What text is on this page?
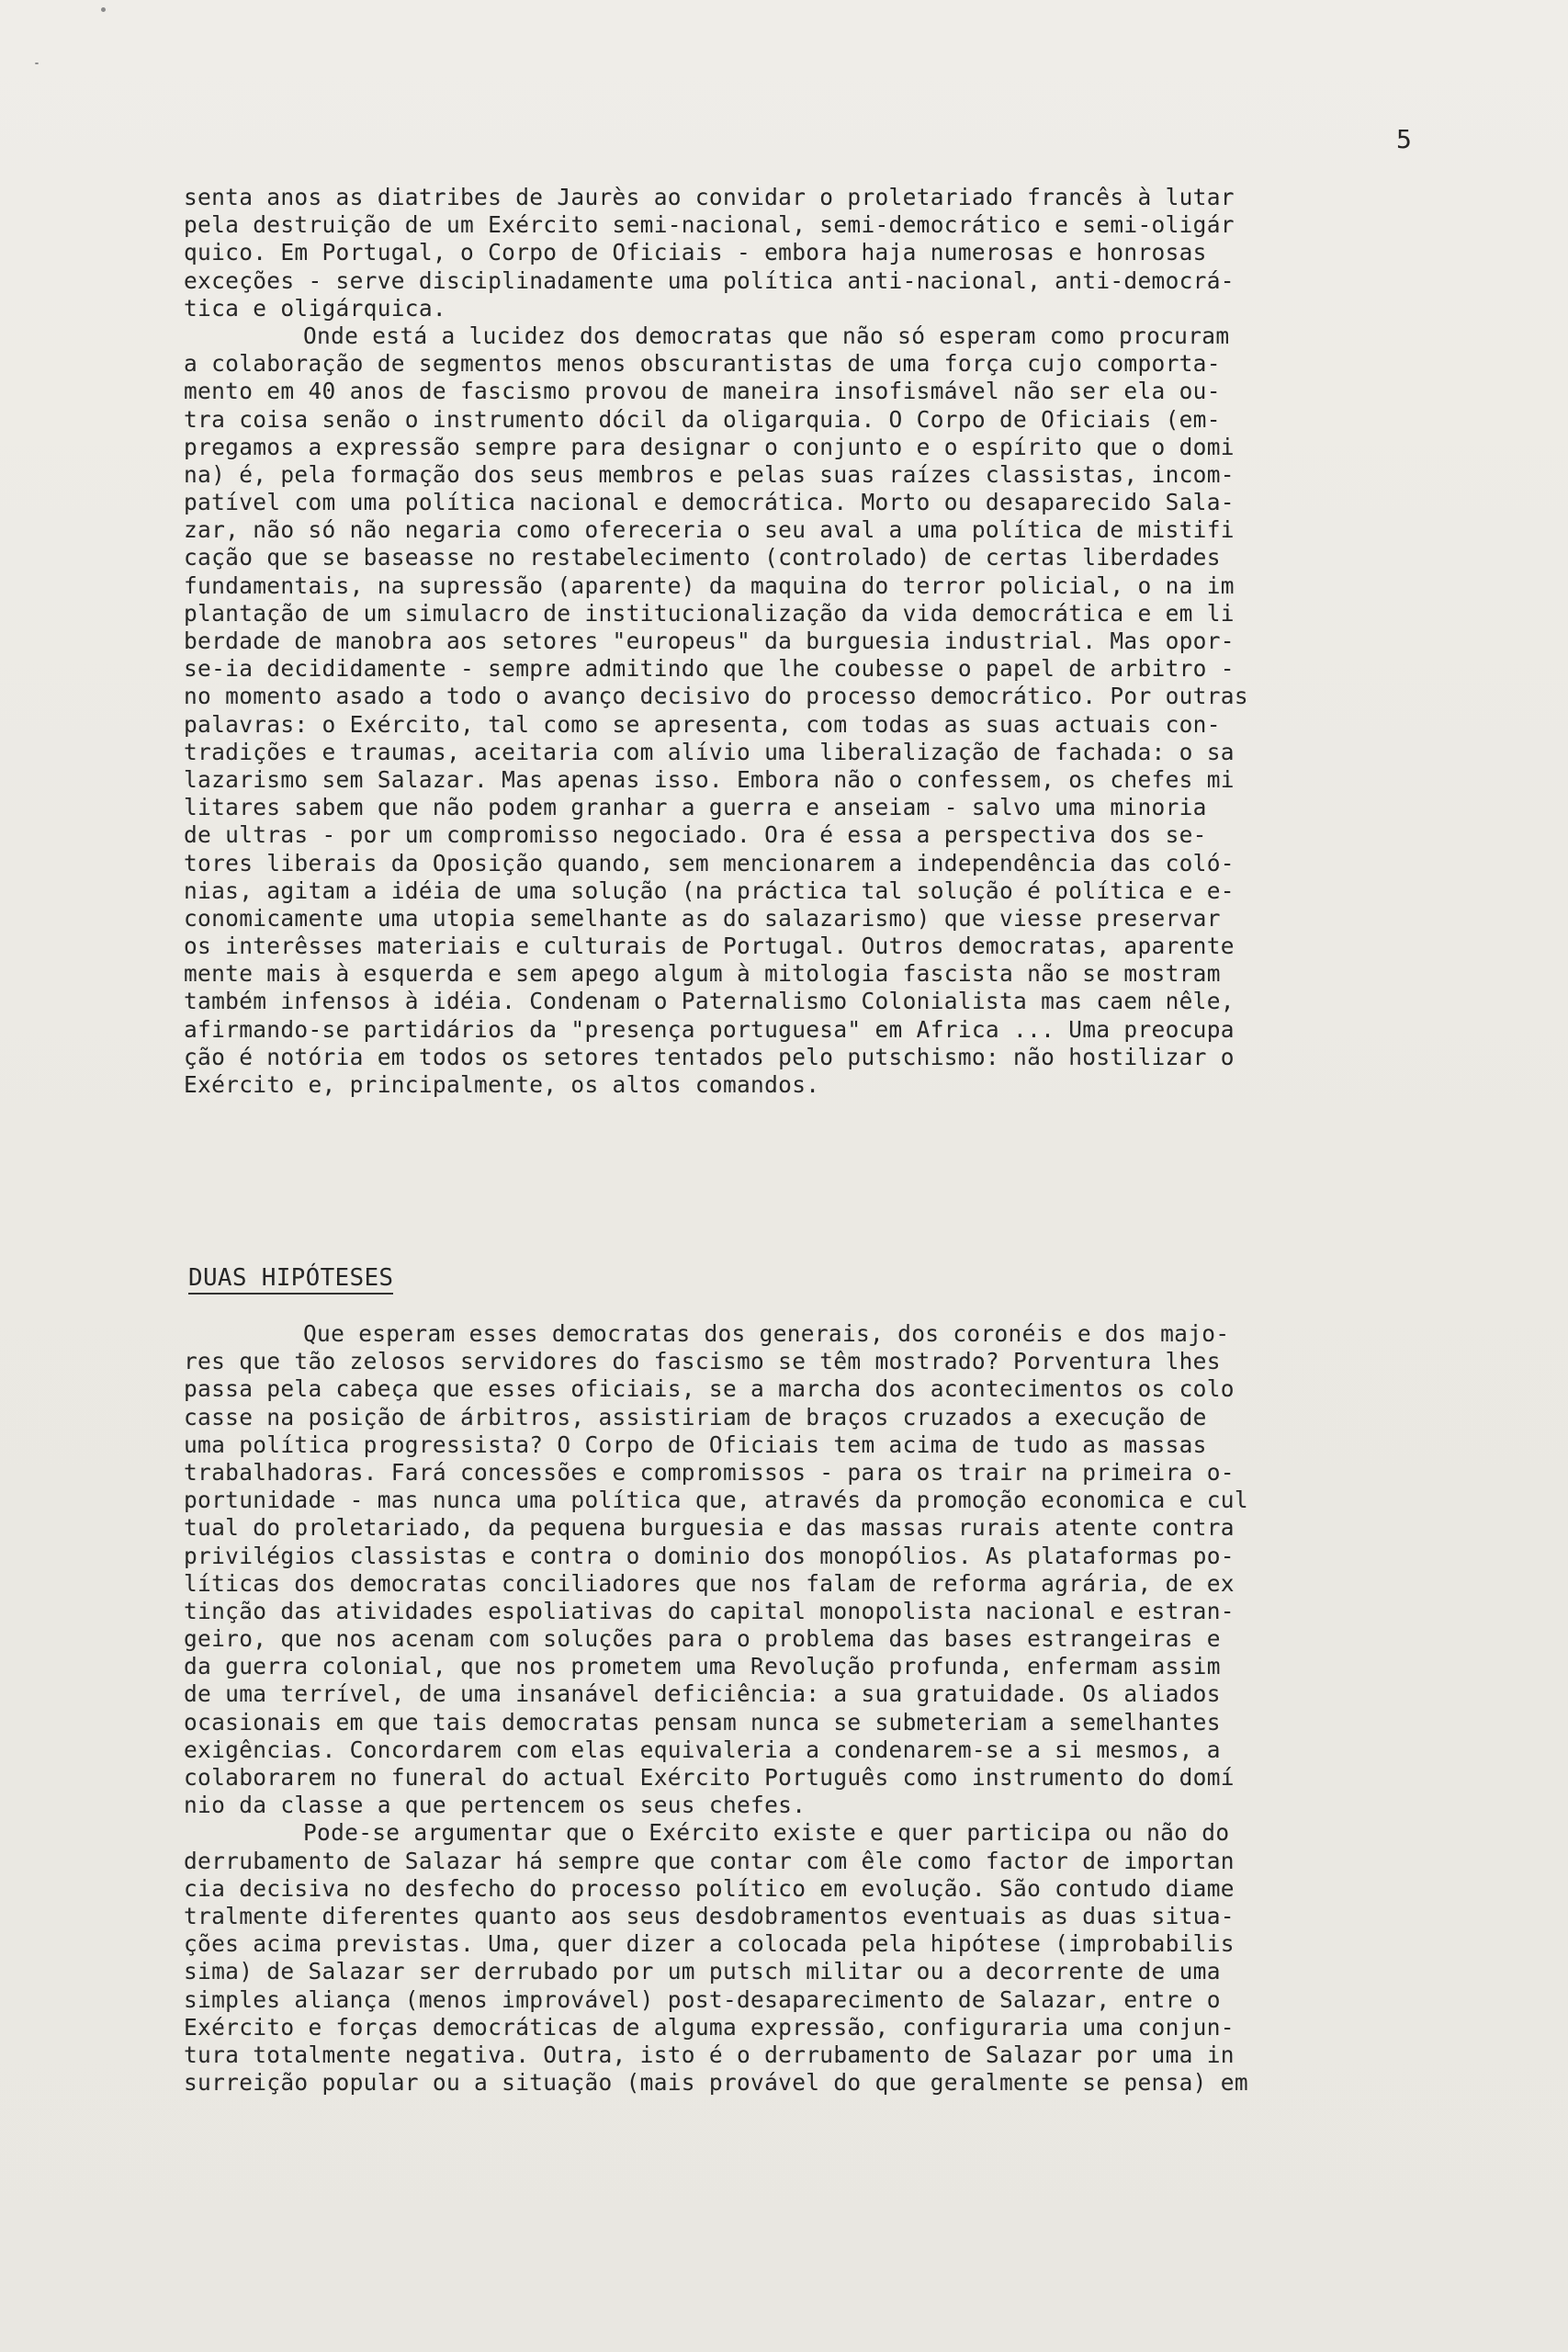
5
senta anos as diatribes de Jaurès ao convidar o proletariado francês à lutar
pela destruição de um Exército semi-nacional, semi-democrático e semi-oligár
quico. Em Portugal, o Corpo de Oficiais - embora haja numerosas e honrosas
exceções - serve disciplinadamente uma política anti-nacional, anti-democrá-
tica e oligárquica.
Onde está a lucidez dos democratas que não só esperam como procuram
a colaboração de segmentos menos obscurantistas de uma força cujo comporta-
mento em 40 anos de fascismo provou de maneira insofismável não ser ela ou-
tra coisa senão o instrumento dócil da oligarquia. O Corpo de Oficiais (em-
pregamos a expressão sempre para designar o conjunto e o espírito que o domi
na) é, pela formação dos seus membros e pelas suas raízes classistas, incom-
patível com uma política nacional e democrática. Morto ou desaparecido Sala-
zar, não só não negaria como ofereceria o seu aval a uma política de mistifi
cação que se baseasse no restabelecimento (controlado) de certas liberdades
fundamentais, na supressão (aparente) da maquina do terror policial, o na im
plantação de um simulacro de institucionalização da vida democrática e em li
berdade de manobra aos setores "europeus" da burguesia industrial. Mas opor-
se-ia decididamente - sempre admitindo que lhe coubesse o papel de arbitro -
no momento asado a todo o avanço decisivo do processo democrático. Por outras
palavras: o Exército, tal como se apresenta, com todas as suas actuais con-
tradições e traumas, aceitaria com alívio uma liberalização de fachada: o sa
lazarismo sem Salazar. Mas apenas isso. Embora não o confessem, os chefes mi
litares sabem que não podem granhar a guerra e anseiam - salvo uma minoria
de ultras - por um compromisso negociado. Ora é essa a perspectiva dos se-
tores liberais da Oposição quando, sem mencionarem a independência das coló-
nias, agitam a idéia de uma solução (na práctica tal solução é política e e-
conomicamente uma utopia semelhante as do salazarismo) que viesse preservar
os interêsses materiais e culturais de Portugal. Outros democratas, aparente
mente mais à esquerda e sem apego algum à mitologia fascista não se mostram
também infensos à idéia. Condenam o Paternalismo Colonialista mas caem nêle,
afirmando-se partidários da "presença portuguesa" em Africa ... Uma preocupa
ção é notória em todos os setores tentados pelo putschismo: não hostilizar o
Exército e, principalmente, os altos comandos.
DUAS HIPÓTESES
Que esperam esses democratas dos generais, dos coronéis e dos majo-
res que tão zelosos servidores do fascismo se têm mostrado? Porventura lhes
passa pela cabeça que esses oficiais, se a marcha dos acontecimentos os colo
casse na posição de árbitros, assistiriam de braços cruzados a execução de
uma política progressista? O Corpo de Oficiais tem acima de tudo as massas
trabalhadoras. Fará concessões e compromissos - para os trair na primeira o-
portunidade - mas nunca uma política que, através da promoção economica e cul
tual do proletariado, da pequena burguesia e das massas rurais atente contra
privilégios classistas e contra o dominio dos monopólios. As plataformas po-
líticas dos democratas conciliadores que nos falam de reforma agrária, de ex
tinção das atividades espoliativas do capital monopolista nacional e estran-
geiro, que nos acenam com soluções para o problema das bases estrangeiras e
da guerra colonial, que nos prometem uma Revolução profunda, enfermam assim
de uma terrível, de uma insanável deficiência: a sua gratuidade. Os aliados
ocasionais em que tais democratas pensam nunca se submeteriam a semelhantes
exigências. Concordarem com elas equivaleria a condenarem-se a si mesmos, a
colaborarem no funeral do actual Exército Português como instrumento do domí
nio da classe a que pertencem os seus chefes.
Pode-se argumentar que o Exército existe e quer participa ou não do
derrubamento de Salazar há sempre que contar com êle como factor de importan
cia decisiva no desfecho do processo político em evolução. São contudo diame
tralmente diferentes quanto aos seus desdobramentos eventuais as duas situa-
ções acima previstas. Uma, quer dizer a colocada pela hipótese (improbabilis
sima) de Salazar ser derrubado por um putsch militar ou a decorrente de uma
simples aliança (menos improvável) post-desaparecimento de Salazar, entre o
Exército e forças democráticas de alguma expressão, configuraria uma conjun-
tura totalmente negativa. Outra, isto é o derrubamento de Salazar por uma in
surreição popular ou a situação (mais provável do que geralmente se pensa) em
